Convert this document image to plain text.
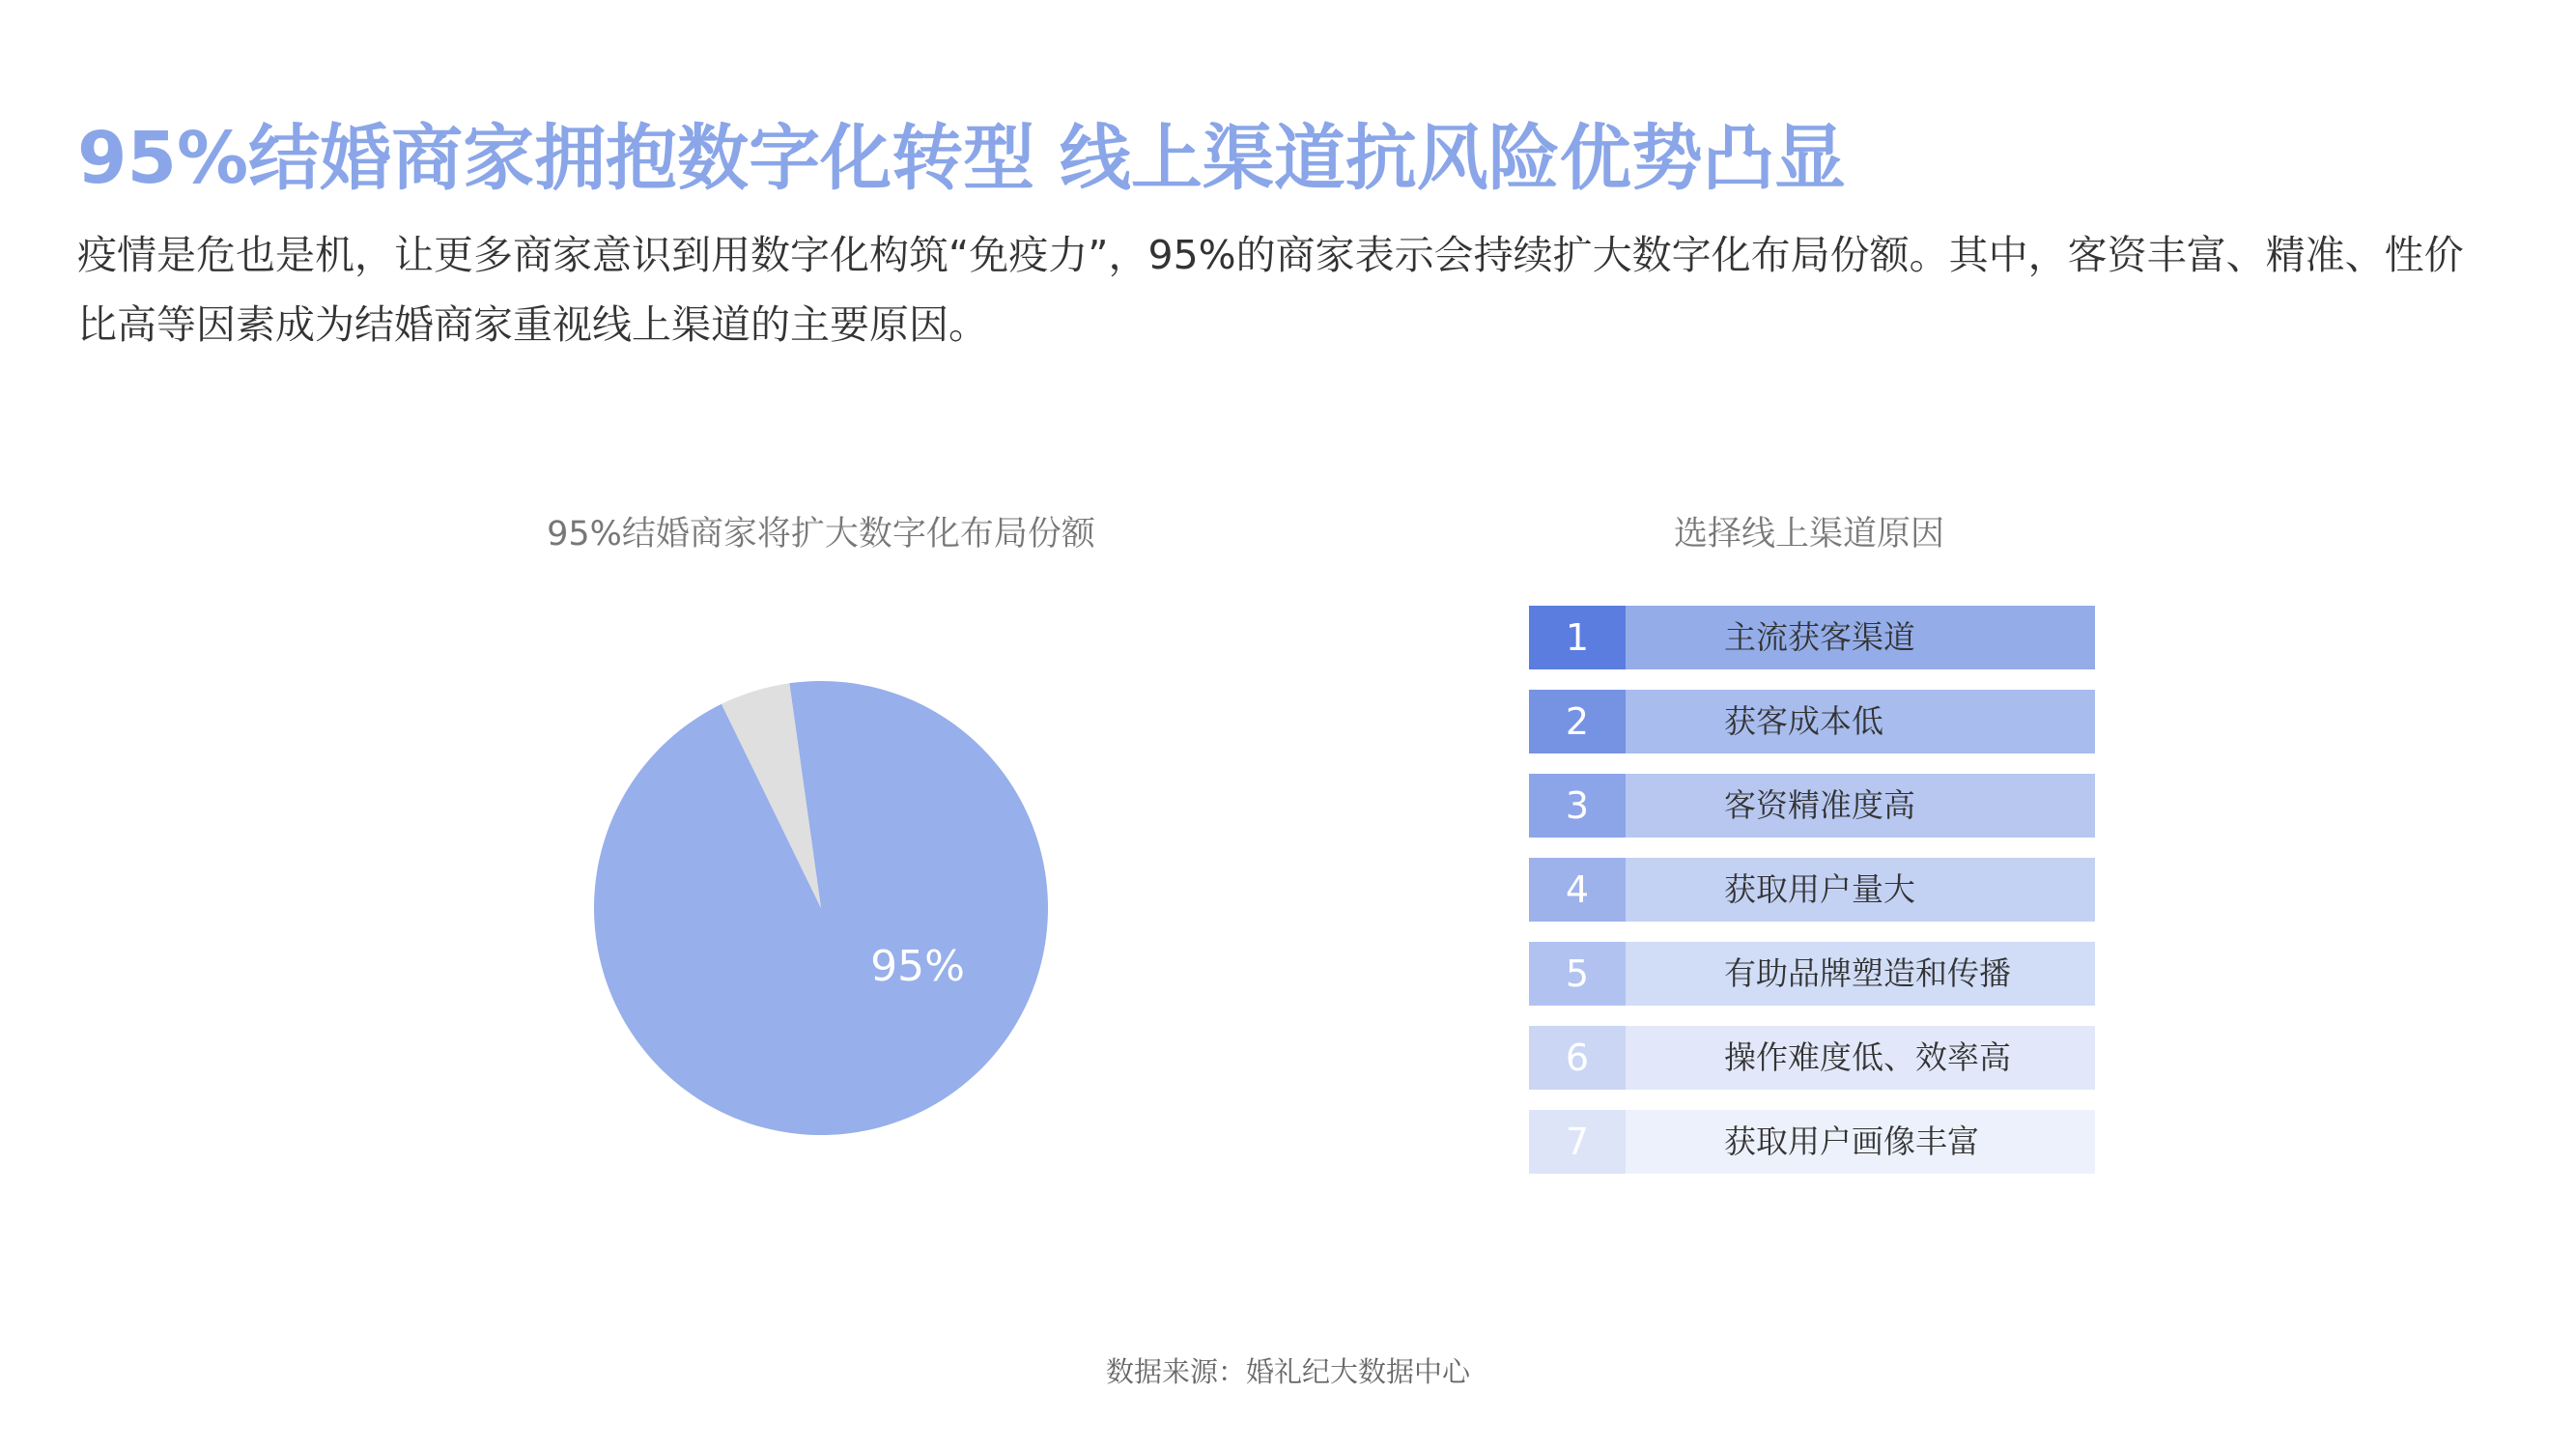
95%结婚商家拥抱数字化转型 线上渠道抗风险优势凸显
疫情是危也是机，让更多商家意识到用数字化构筑“免疫力”，95%的商家表示会持续扩大数字化布局份额。其中，客资丰富、精准、性价比高等因素成为结婚商家重视线上渠道的主要原因。
95%结婚商家将扩大数字化布局份额
95%
选择线上渠道原因
1	主流获客渠道
2	获客成本低
3	客资精准度高
4	获取用户量大
5	有助品牌塑造和传播
6	操作难度低、效率高
7	获取用户画像丰富
数据来源：婚礼纪大数据中心
